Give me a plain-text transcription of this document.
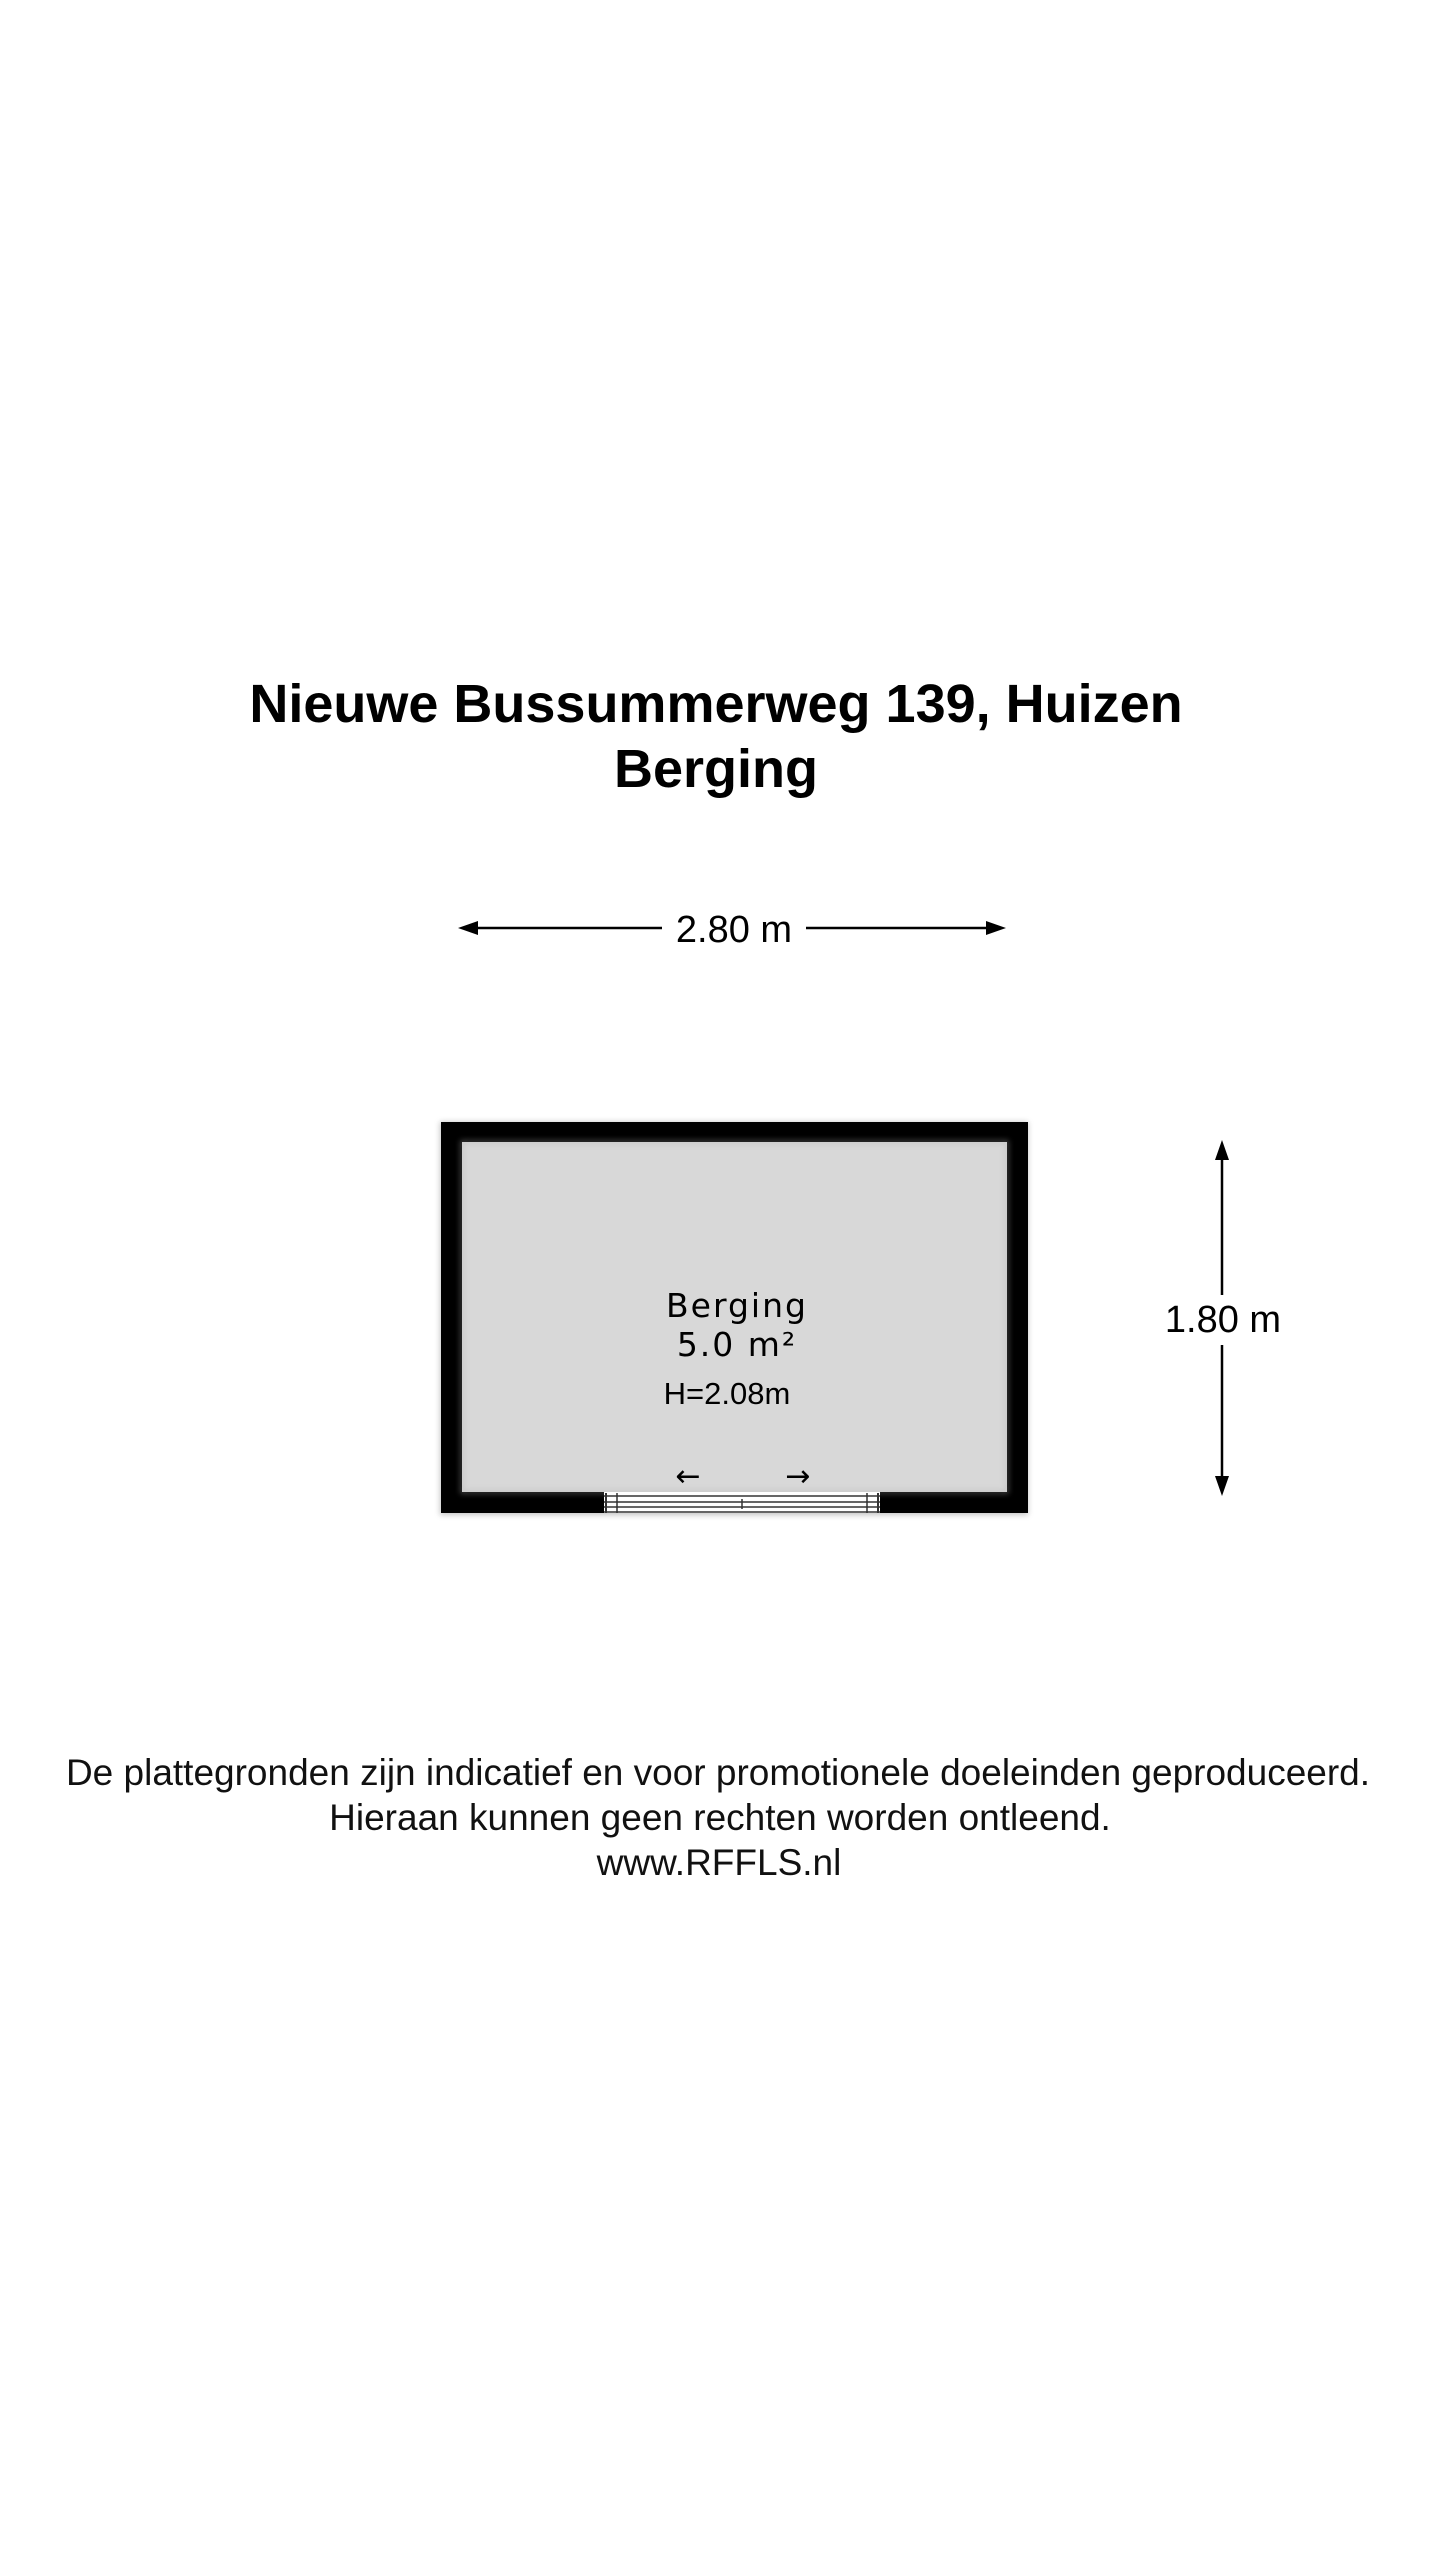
Nieuwe Bussummerweg 139, Huizen
Berging
2.80 m
1.80 m
←	→
Berging
5.0 m²
H=2.08m

De plattegronden zijn indicatief en voor promotionele doeleinden geproduceerd.

Hieraan kunnen geen rechten worden ontleend.

www.RFFLS.nl
